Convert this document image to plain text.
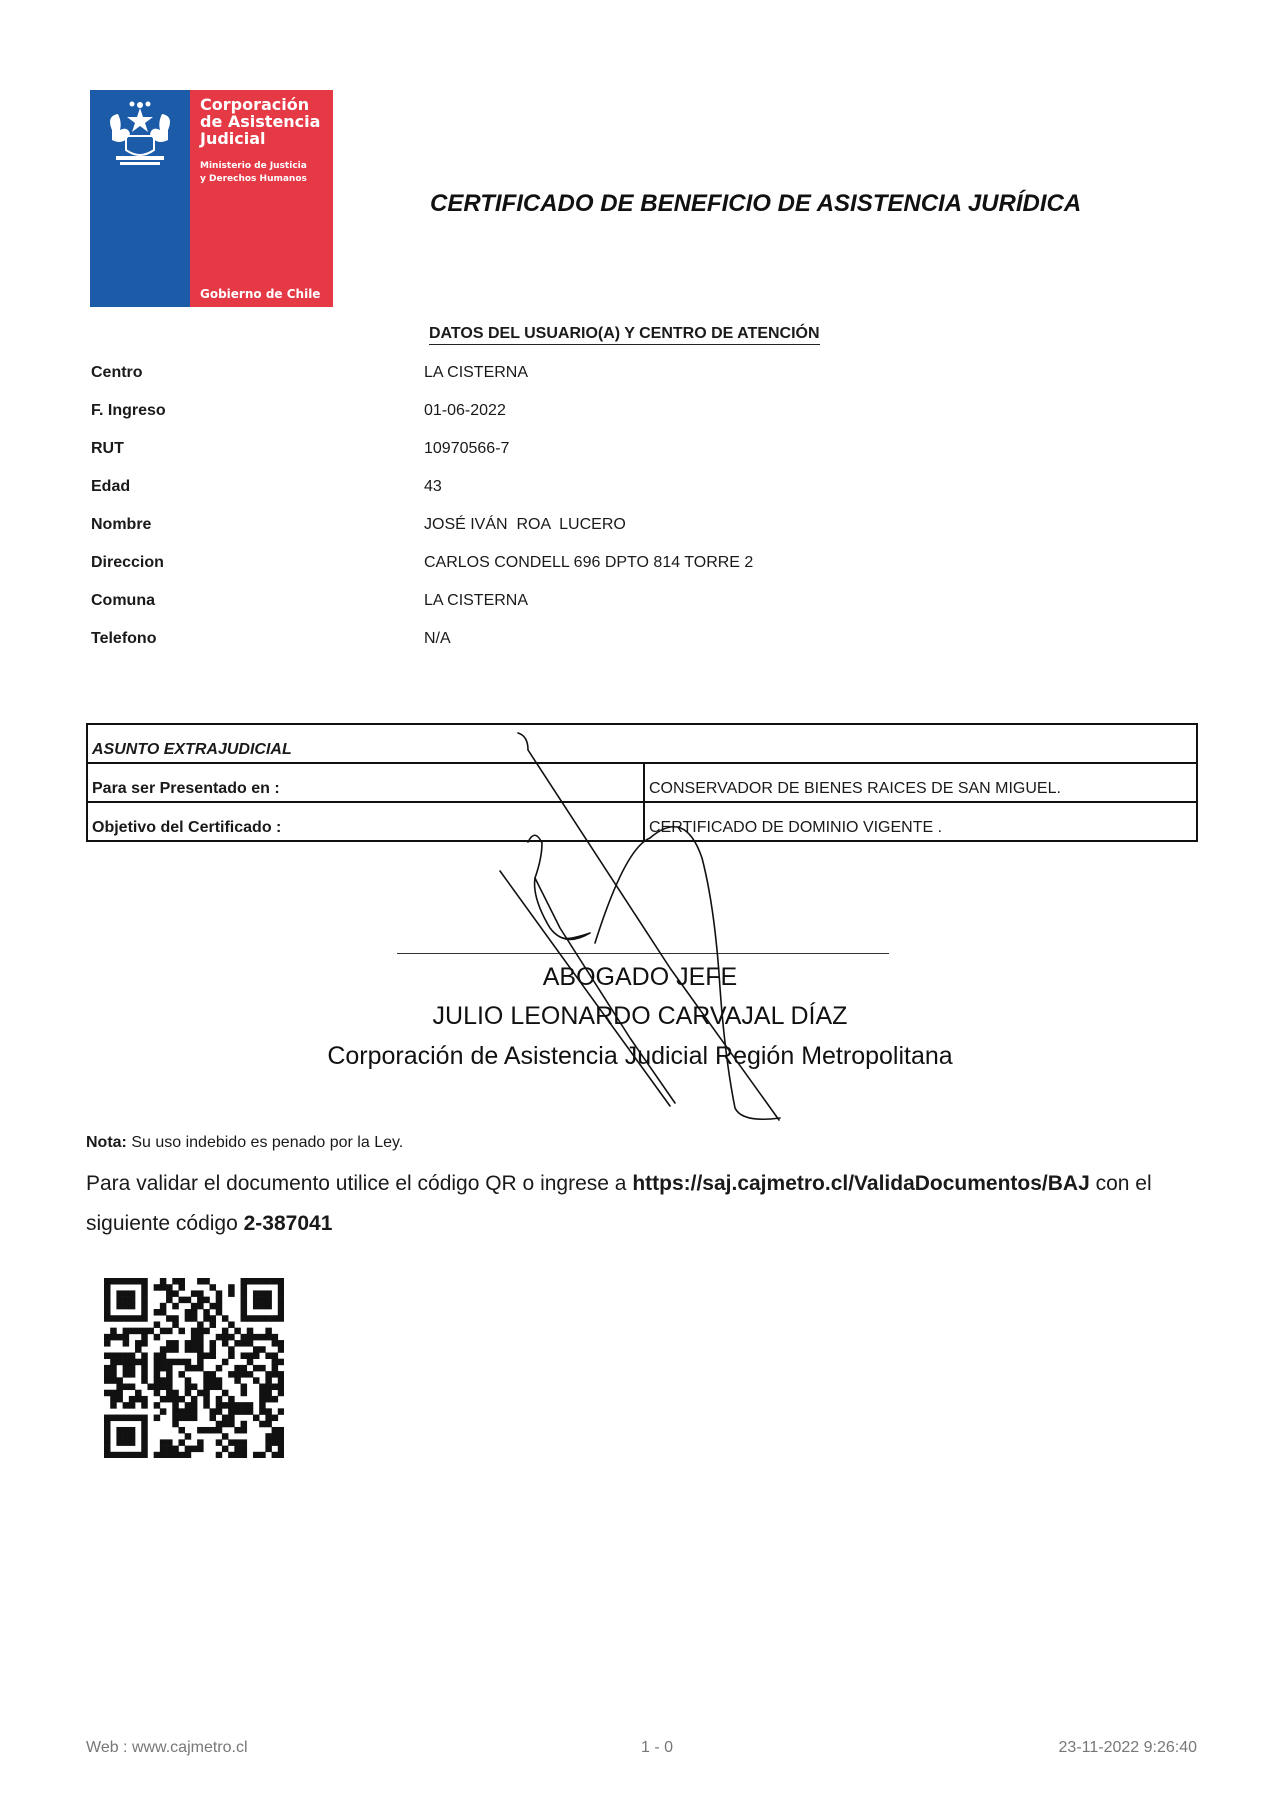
Corporación
de Asistencia
Judicial
Ministerio de Justicia
y Derechos Humanos
Gobierno de Chile
CERTIFICADO DE BENEFICIO DE ASISTENCIA JURÍDICA
DATOS DEL USUARIO(A) Y CENTRO DE ATENCIÓN
Centro	LA CISTERNA
F. Ingreso	01-06-2022
RUT	10970566-7
Edad	43
Nombre	JOSÉ IVÁN  ROA  LUCERO
Direccion	CARLOS CONDELL 696 DPTO 814 TORRE 2
Comuna	LA CISTERNA
Telefono	N/A
ASUNTO EXTRAJUDICIAL	
Para ser Presentado en :	CONSERVADOR DE BIENES RAICES DE SAN MIGUEL.
Objetivo del Certificado :	CERTIFICADO DE DOMINIO VIGENTE .
ABOGADO JEFE
JULIO LEONARDO CARVAJAL DÍAZ
Corporación de Asistencia Judicial Región Metropolitana
Nota: Su uso indebido es penado por la Ley.
Para validar el documento utilice el código QR o ingrese a https://saj.cajmetro.cl/ValidaDocumentos/BAJ con el siguiente código 2-387041
Web : www.cajmetro.cl	1 - 0	23-11-2022 9:26:40
